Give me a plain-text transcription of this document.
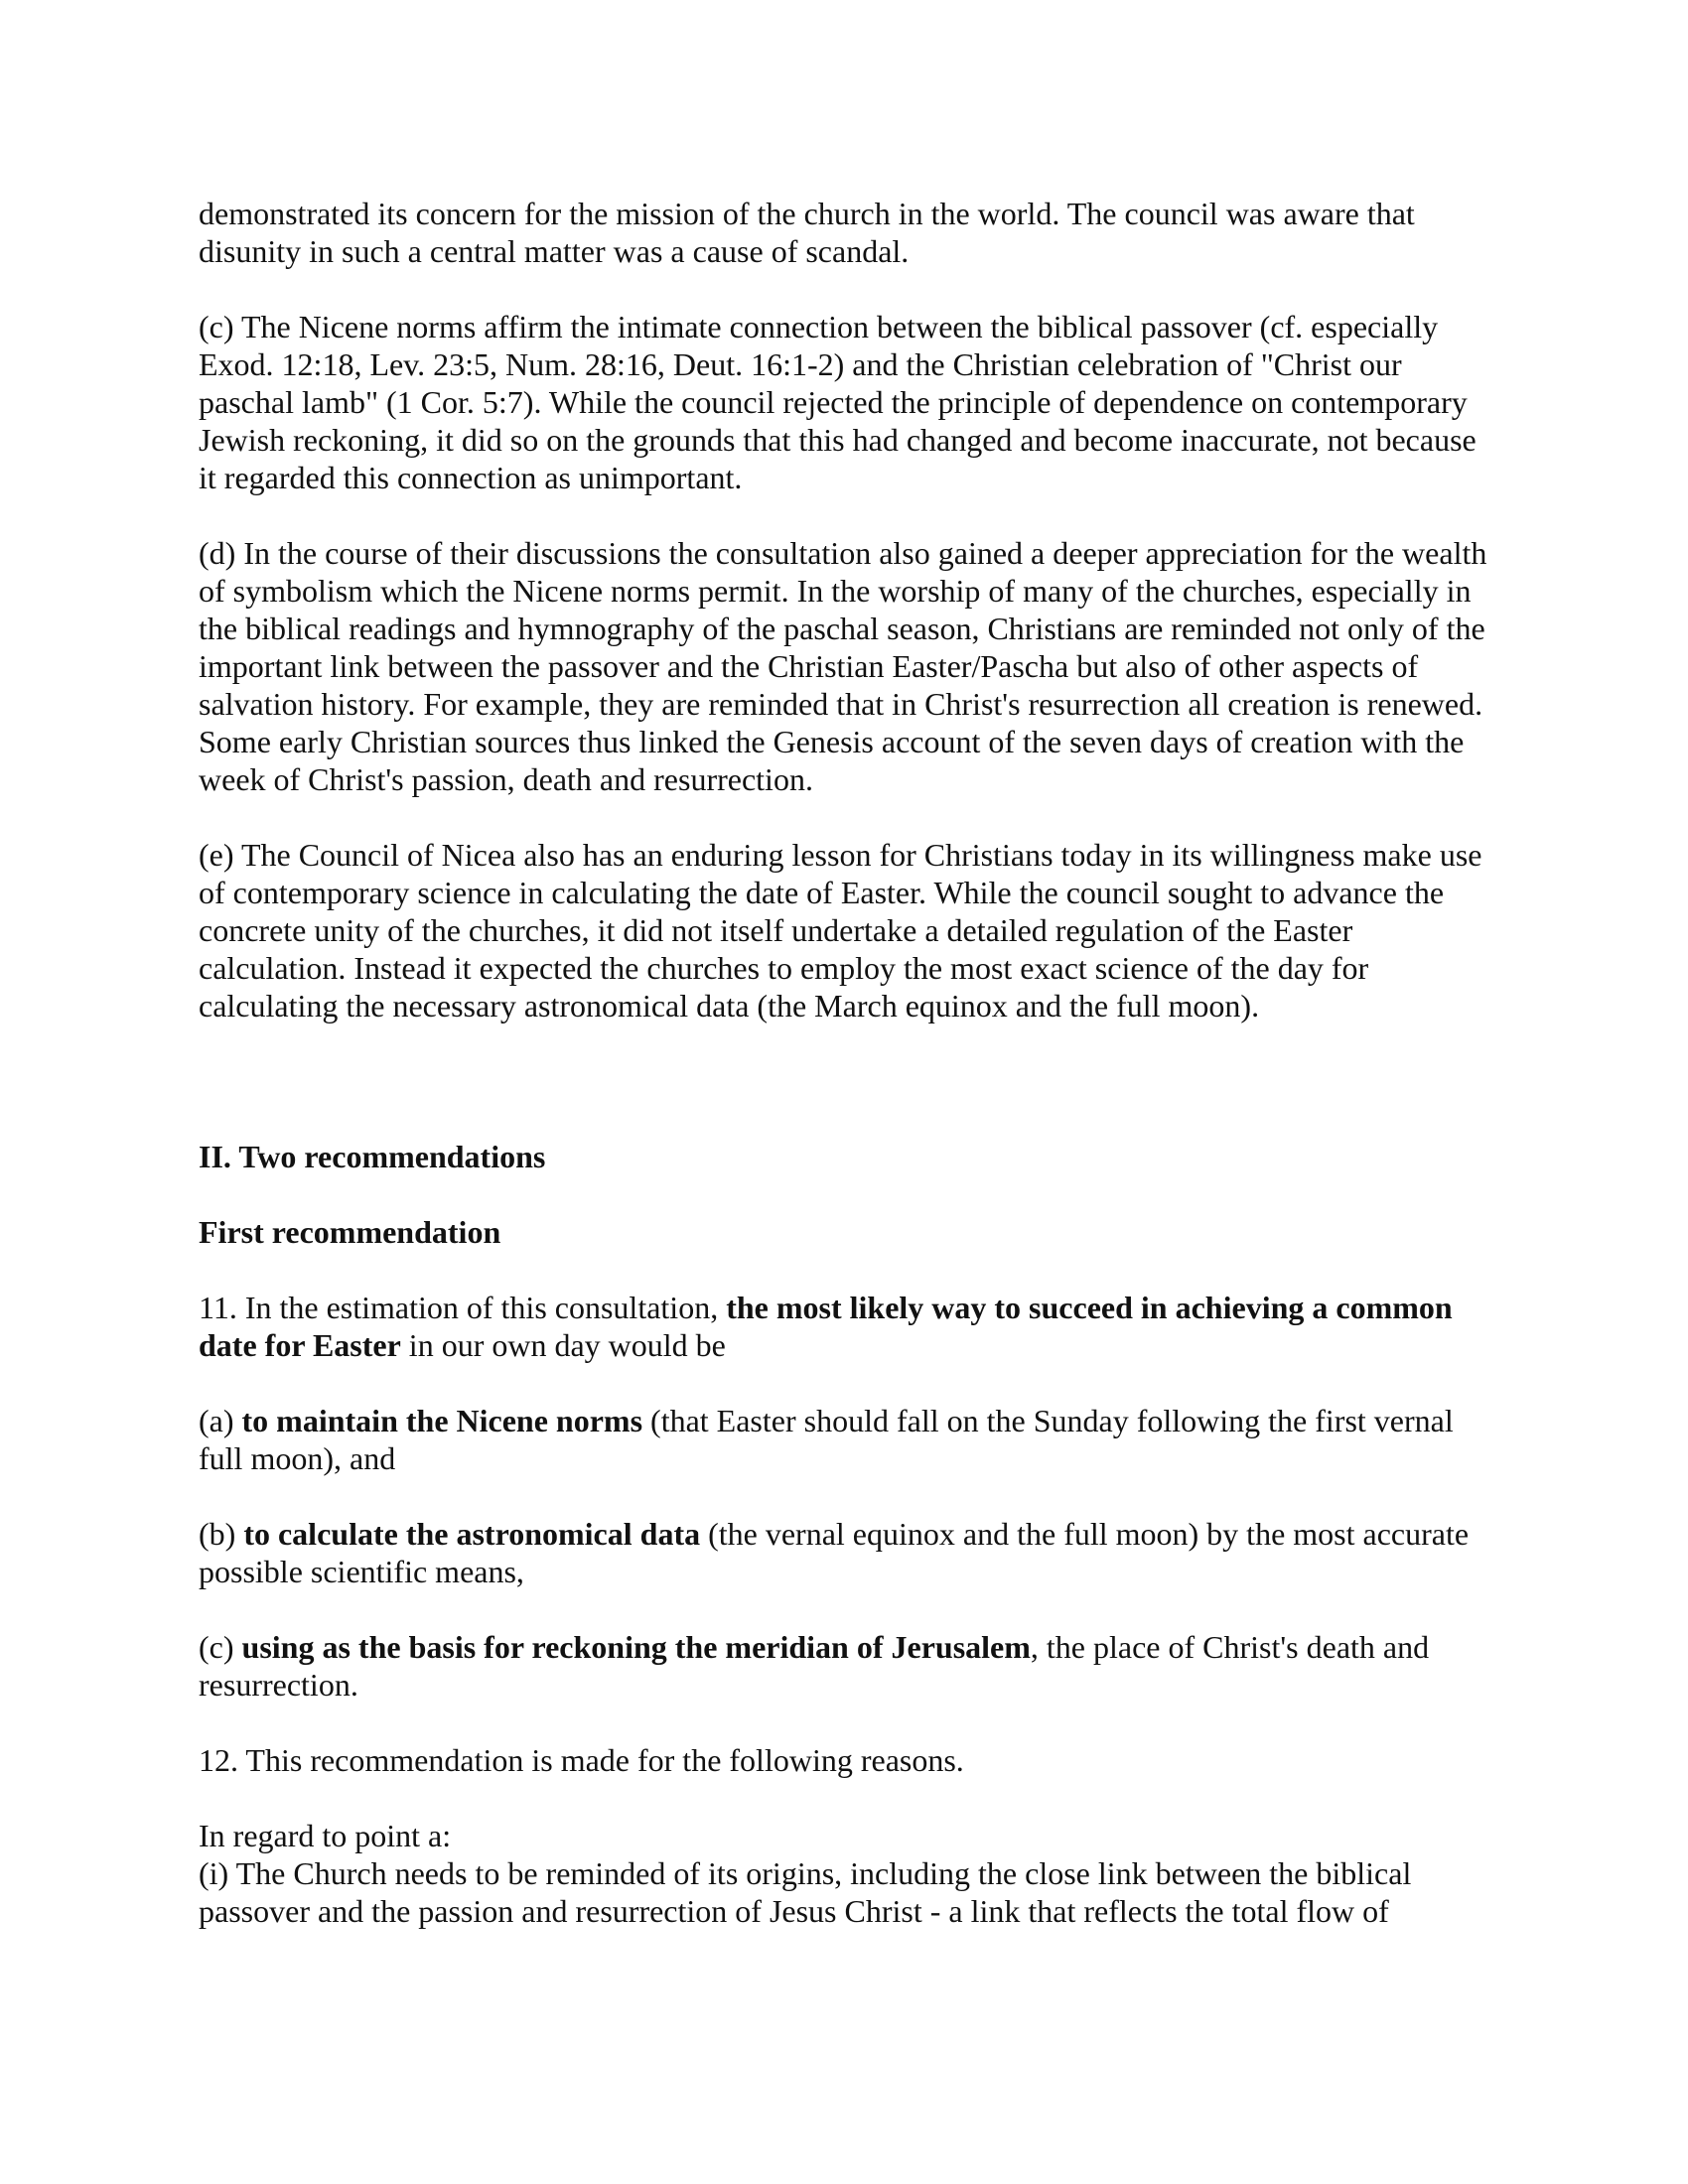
demonstrated its concern for the mission of the church in the world. The council was aware that disunity in such a central matter was a cause of scandal.

(c) The Nicene norms affirm the intimate connection between the biblical passover (cf. especially Exod. 12:18, Lev. 23:5, Num. 28:16, Deut. 16:1-2) and the Christian celebration of "Christ our paschal lamb" (1 Cor. 5:7). While the council rejected the principle of dependence on contemporary Jewish reckoning, it did so on the grounds that this had changed and become inaccurate, not because it regarded this connection as unimportant.

(d) In the course of their discussions the consultation also gained a deeper appreciation for the wealth of symbolism which the Nicene norms permit. In the worship of many of the churches, especially in the biblical readings and hymnography of the paschal season, Christians are reminded not only of the important link between the passover and the Christian Easter/Pascha but also of other aspects of salvation history. For example, they are reminded that in Christ's resurrection all creation is renewed. Some early Christian sources thus linked the Genesis account of the seven days of creation with the week of Christ's passion, death and resurrection.

(e) The Council of Nicea also has an enduring lesson for Christians today in its willingness make use of contemporary science in calculating the date of Easter. While the council sought to advance the concrete unity of the churches, it did not itself undertake a detailed regulation of the Easter calculation. Instead it expected the churches to employ the most exact science of the day for calculating the necessary astronomical data (the March equinox and the full moon).

II. Two recommendations

First recommendation

11. In the estimation of this consultation, the most likely way to succeed in achieving a common date for Easter in our own day would be

(a) to maintain the Nicene norms (that Easter should fall on the Sunday following the first vernal full moon), and

(b) to calculate the astronomical data (the vernal equinox and the full moon) by the most accurate possible scientific means,

(c) using as the basis for reckoning the meridian of Jerusalem, the place of Christ's death and resurrection.

12. This recommendation is made for the following reasons.

In regard to point a:

(i) The Church needs to be reminded of its origins, including the close link between the biblical passover and the passion and resurrection of Jesus Christ - a link that reflects the total flow of
